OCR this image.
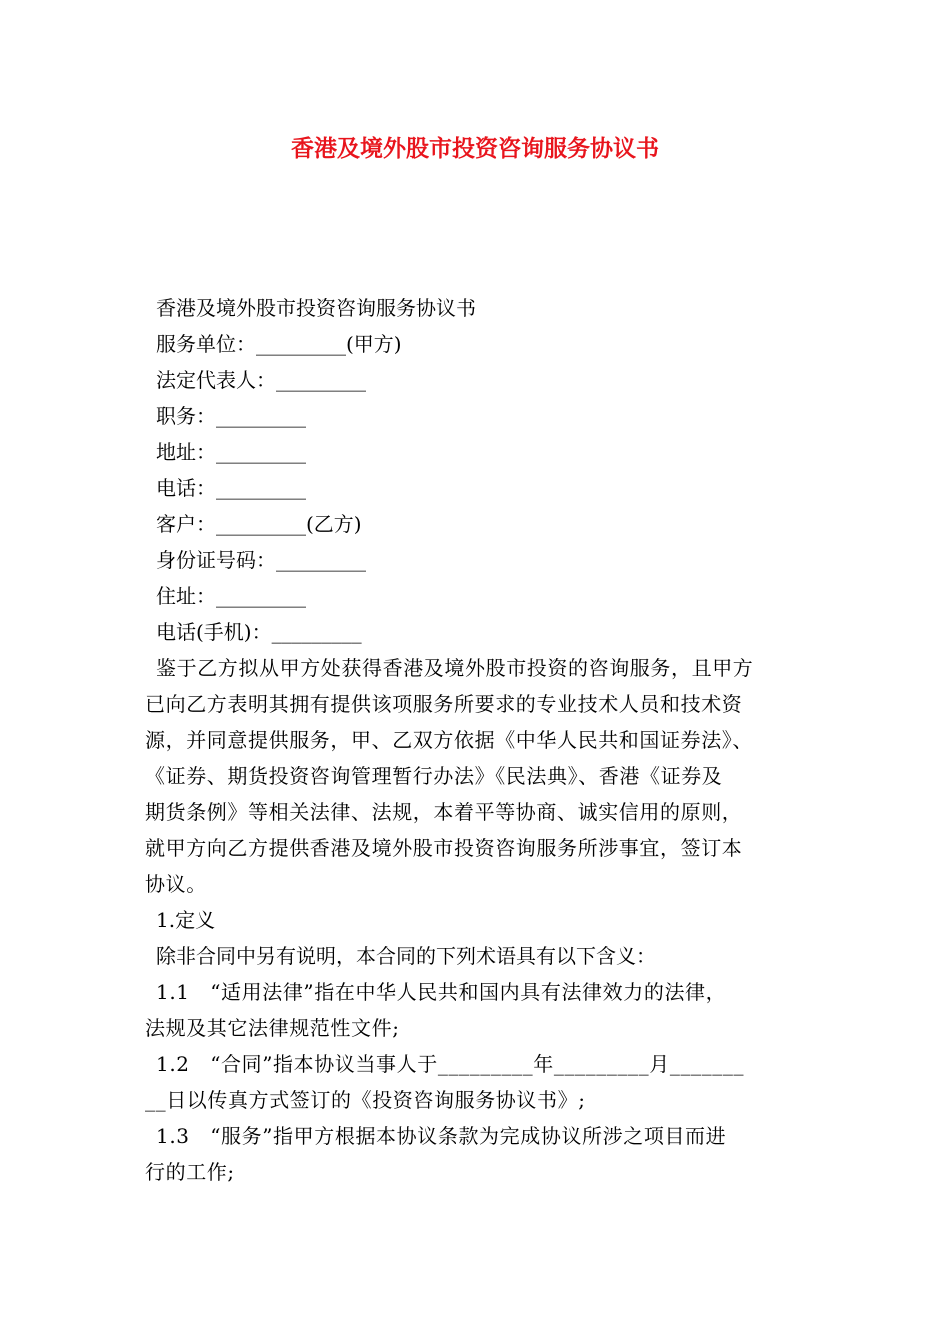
香港及境外股市投资咨询服务协议书
香港及境外股市投资咨询服务协议书
服务单位：_________(甲方)
法定代表人：_________
职务：_________
地址：_________
电话：_________
客户：_________(乙方)
身份证号码：_________
住址：_________
电话(手机)：_________
鉴于乙方拟从甲方处获得香港及境外股市投资的咨询服务，且甲方
已向乙方表明其拥有提供该项服务所要求的专业技术人员和技术资
源，并同意提供服务，甲、乙双方依据《中华人民共和国证券法》、
《证券、期货投资咨询管理暂行办法》《民法典》、香港《证券及
期货条例》等相关法律、法规，本着平等协商、诚实信用的原则，
就甲方向乙方提供香港及境外股市投资咨询服务所涉事宜，签订本
协议。
1.定义
除非合同中另有说明，本合同的下列术语具有以下含义：
1.1　“适用法律”指在中华人民共和国内具有法律效力的法律，
法规及其它法律规范性文件;
1.2　“合同”指本协议当事人于_________年_________月_______
__日以传真方式签订的《投资咨询服务协议书》;
1.3　“服务”指甲方根据本协议条款为完成协议所涉之项目而进
行的工作;
